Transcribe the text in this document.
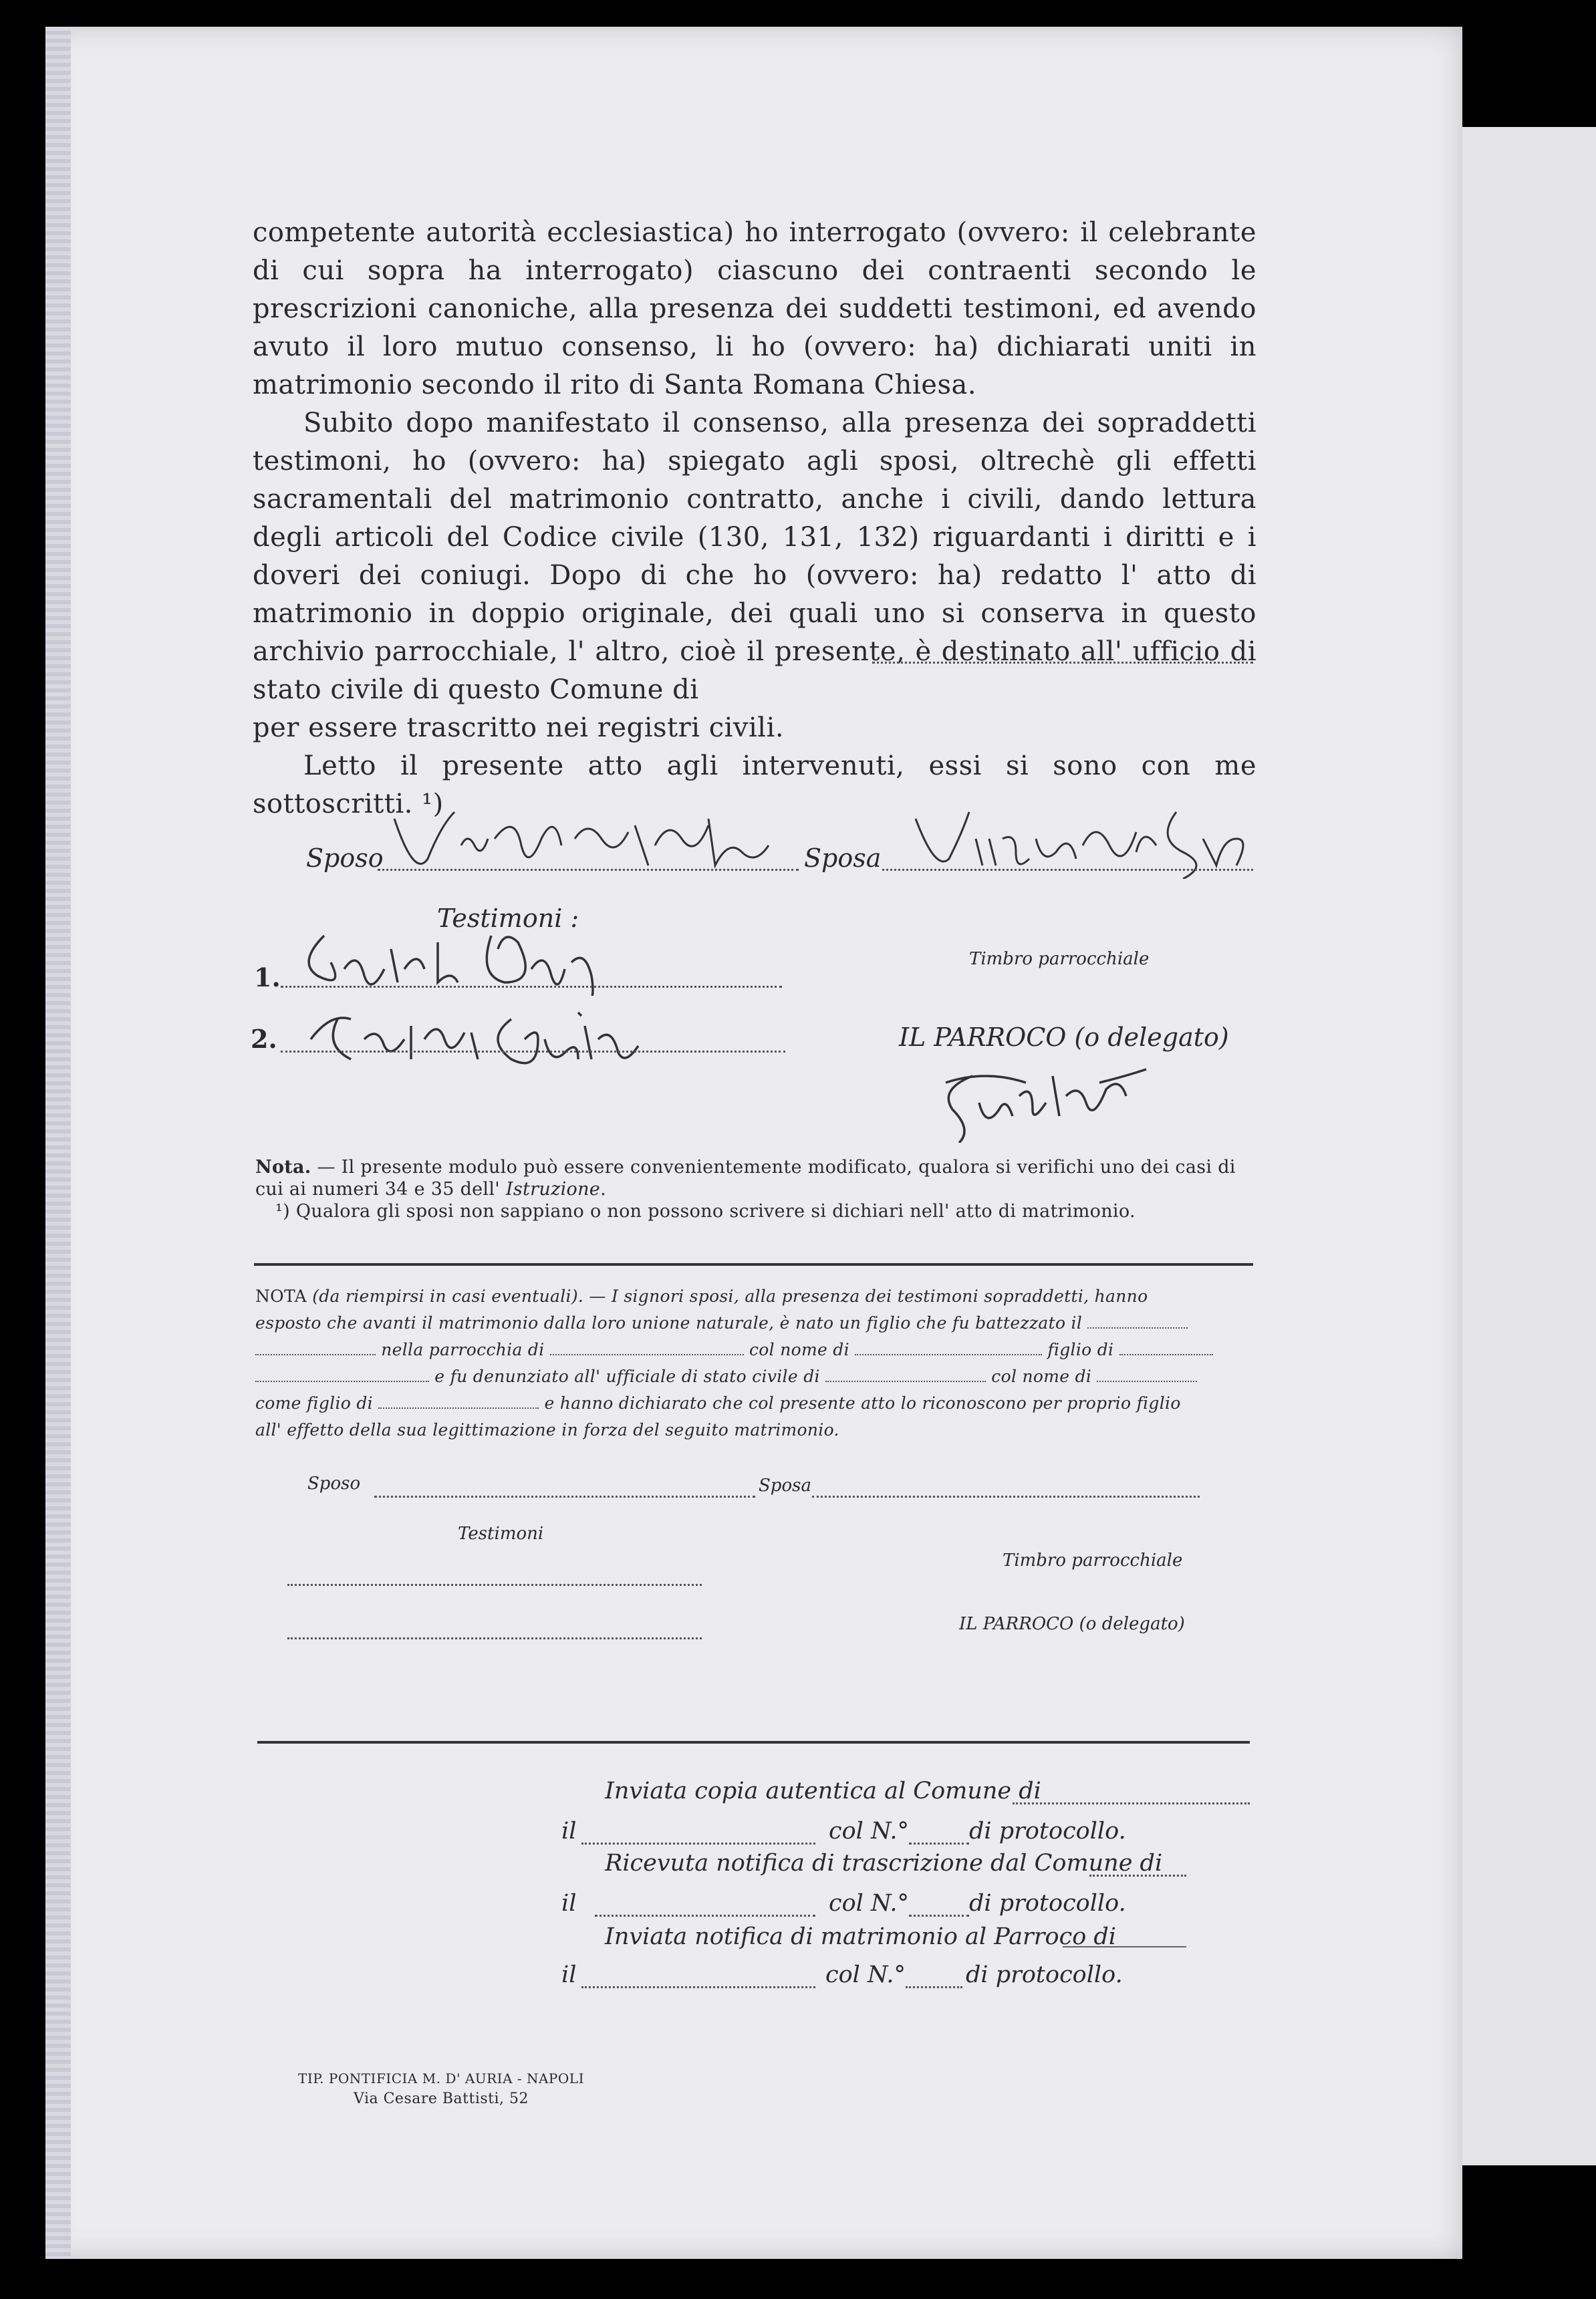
competente autorità ecclesiastica) ho interrogato (ovvero: il celebrante di cui sopra ha interrogato) ciascuno dei contraenti secondo le prescrizioni canoniche, alla presenza dei suddetti testimoni, ed avendo avuto il loro mutuo consenso, li ho (ovvero: ha) dichiarati uniti in matrimonio secondo il rito di Santa Romana Chiesa.

Subito dopo manifestato il consenso, alla presenza dei sopraddetti testimoni, ho (ovvero: ha) spiegato agli sposi, oltrechè gli effetti sacramentali del matrimonio contratto, anche i civili, dando lettura degli articoli del Codice civile (130, 131, 132) riguardanti i diritti e i doveri dei coniugi. Dopo di che ho (ovvero: ha) redatto l' atto di matrimonio in doppio originale, dei quali uno si conserva in questo archivio parrocchiale, l' altro, cioè il presente, è destinato all' ufficio di stato civile di questo Comune di

per essere trascritto nei registri civili.

Letto il presente atto agli intervenuti, essi si sono con me sottoscritti. ¹)

Sposo	Sposa
Testimoni :
1.
Timbro parrocchiale
2.	IL PARROCO (o delegato)
Nota. — Il presente modulo può essere convenientemente modificato, qualora si verifichi uno dei casi di cui ai numeri 34 e 35 dell' Istruzione.
¹) Qualora gli sposi non sappiano o non possono scrivere si dichiari nell' atto di matrimonio.
NOTA (da riempirsi in casi eventuali). — I signori sposi, alla presenza dei testimoni sopraddetti, hanno
esposto che avanti il matrimonio dalla loro unione naturale, è nato un figlio che fu battezzato il
nella parrocchia di	col nome di	figlio di
e fu denunziato all' ufficiale di stato civile di	col nome di
come figlio di	e hanno dichiarato che col presente atto lo riconoscono per proprio figlio
all' effetto della sua legittimazione in forza del seguito matrimonio.
Sposo	Sposa
Testimoni
Timbro parrocchiale
IL PARROCO (o delegato)
Inviata copia autentica al Comune di
il	col N.°	di protocollo.
Ricevuta notifica di trascrizione dal Comune di
il	col N.°	di protocollo.
Inviata notifica di matrimonio al Parroco di
il	col N.°	di protocollo.
TIP. PONTIFICIA M. D' AURIA - NAPOLI
Via Cesare Battisti, 52
